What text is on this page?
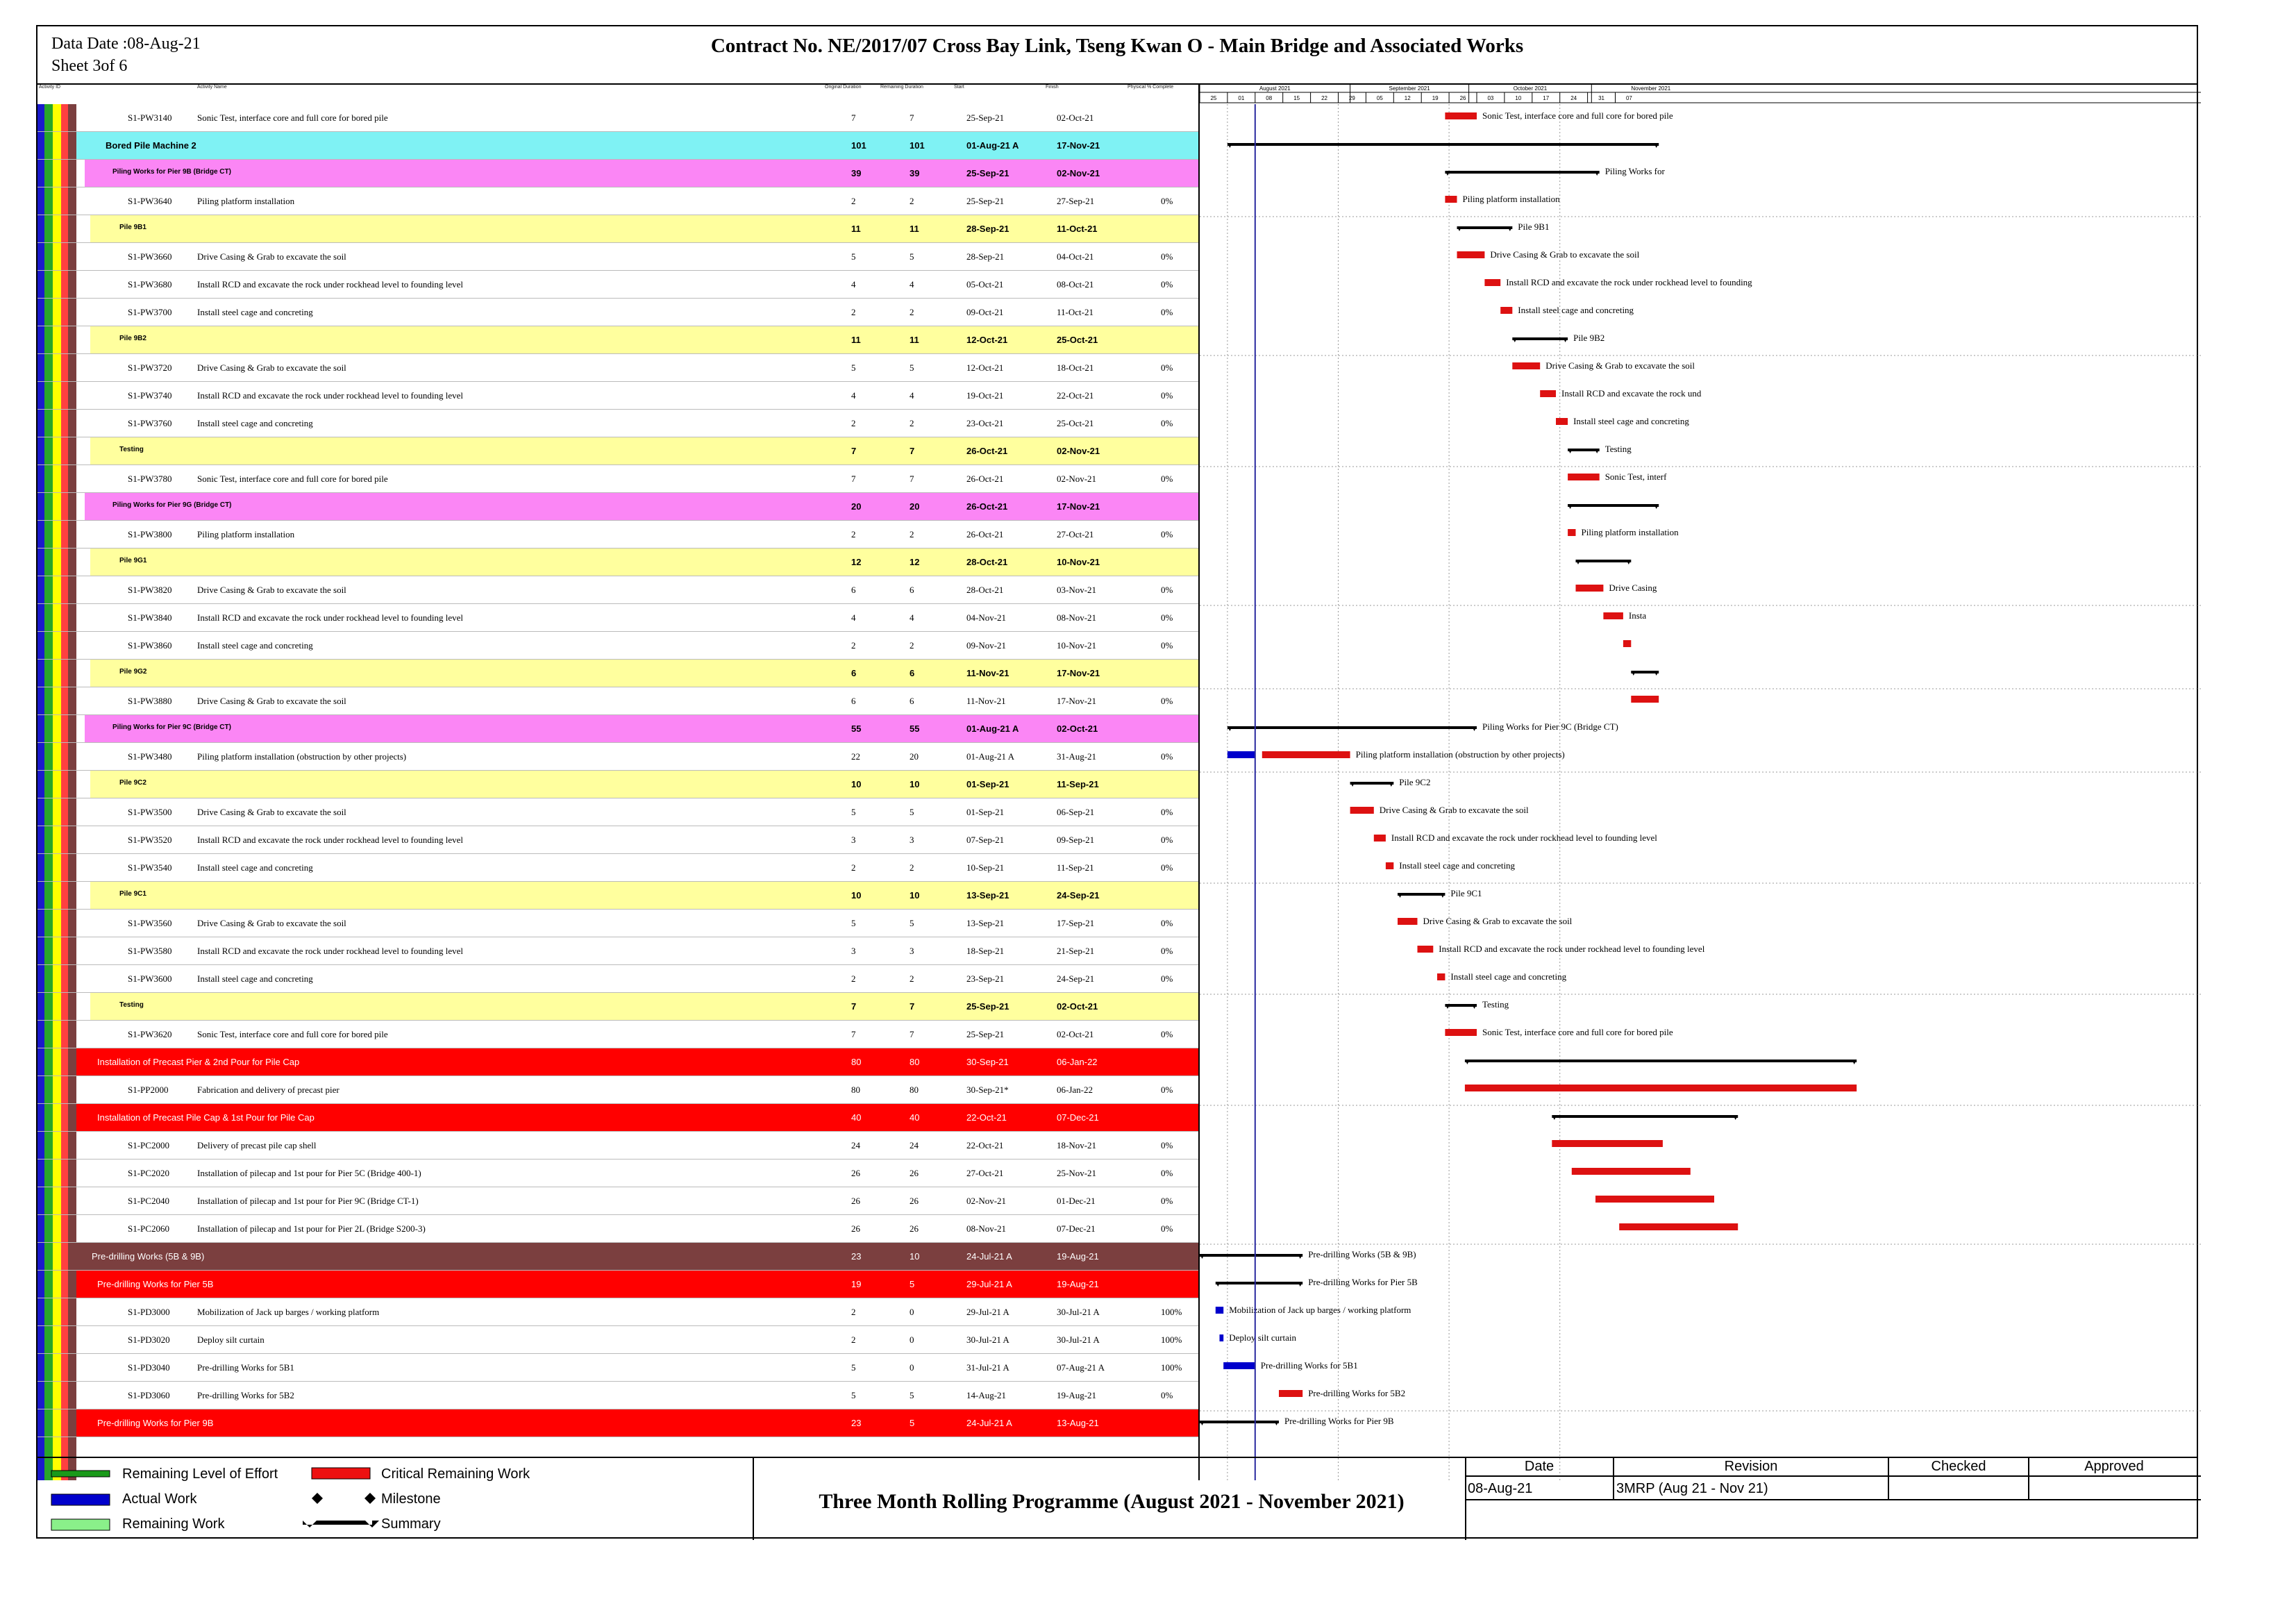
Data Date :08-Aug-21
Sheet 3of 6
Contract No. NE/2017/07 Cross Bay Link, Tseng Kwan O - Main Bridge and Associated Works
Activity ID	Activity Name	Original Duration	Remaining Duration	Start	Finish	Physical % Complete
S1-PW3140	Sonic Test, interface core and full core for bored pile	7	7	25-Sep-21	02-Oct-21
Bored Pile Machine 2	101	101	01-Aug-21 A	17-Nov-21
Piling Works for Pier 9B (Bridge CT)	39	39	25-Sep-21	02-Nov-21
S1-PW3640	Piling platform installation	2	2	25-Sep-21	27-Sep-21	0%
Pile 9B1	11	11	28-Sep-21	11-Oct-21
S1-PW3660	Drive Casing & Grab to excavate the soil	5	5	28-Sep-21	04-Oct-21	0%
S1-PW3680	Install RCD and excavate the rock under rockhead level to founding level	4	4	05-Oct-21	08-Oct-21	0%
S1-PW3700	Install steel cage and concreting	2	2	09-Oct-21	11-Oct-21	0%
Pile 9B2	11	11	12-Oct-21	25-Oct-21
S1-PW3720	Drive Casing & Grab to excavate the soil	5	5	12-Oct-21	18-Oct-21	0%
S1-PW3740	Install RCD and excavate the rock under rockhead level to founding level	4	4	19-Oct-21	22-Oct-21	0%
S1-PW3760	Install steel cage and concreting	2	2	23-Oct-21	25-Oct-21	0%
Testing	7	7	26-Oct-21	02-Nov-21
S1-PW3780	Sonic Test, interface core and full core for bored pile	7	7	26-Oct-21	02-Nov-21	0%
Piling Works for Pier 9G (Bridge CT)	20	20	26-Oct-21	17-Nov-21
S1-PW3800	Piling platform installation	2	2	26-Oct-21	27-Oct-21	0%
Pile 9G1	12	12	28-Oct-21	10-Nov-21
S1-PW3820	Drive Casing & Grab to excavate the soil	6	6	28-Oct-21	03-Nov-21	0%
S1-PW3840	Install RCD and excavate the rock under rockhead level to founding level	4	4	04-Nov-21	08-Nov-21	0%
S1-PW3860	Install steel cage and concreting	2	2	09-Nov-21	10-Nov-21	0%
Pile 9G2	6	6	11-Nov-21	17-Nov-21
S1-PW3880	Drive Casing & Grab to excavate the soil	6	6	11-Nov-21	17-Nov-21	0%
Piling Works for Pier 9C (Bridge CT)	55	55	01-Aug-21 A	02-Oct-21
S1-PW3480	Piling platform installation (obstruction by other projects)	22	20	01-Aug-21 A	31-Aug-21	0%
Pile 9C2	10	10	01-Sep-21	11-Sep-21
S1-PW3500	Drive Casing & Grab to excavate the soil	5	5	01-Sep-21	06-Sep-21	0%
S1-PW3520	Install RCD and excavate the rock under rockhead level to founding level	3	3	07-Sep-21	09-Sep-21	0%
S1-PW3540	Install steel cage and concreting	2	2	10-Sep-21	11-Sep-21	0%
Pile 9C1	10	10	13-Sep-21	24-Sep-21
S1-PW3560	Drive Casing & Grab to excavate the soil	5	5	13-Sep-21	17-Sep-21	0%
S1-PW3580	Install RCD and excavate the rock under rockhead level to founding level	3	3	18-Sep-21	21-Sep-21	0%
S1-PW3600	Install steel cage and concreting	2	2	23-Sep-21	24-Sep-21	0%
Testing	7	7	25-Sep-21	02-Oct-21
S1-PW3620	Sonic Test, interface core and full core for bored pile	7	7	25-Sep-21	02-Oct-21	0%
Installation of Precast Pier & 2nd Pour for Pile Cap	80	80	30-Sep-21	06-Jan-22
S1-PP2000	Fabrication and delivery of precast pier	80	80	30-Sep-21*	06-Jan-22	0%
Installation of Precast Pile Cap & 1st Pour for Pile Cap	40	40	22-Oct-21	07-Dec-21
S1-PC2000	Delivery of precast pile cap shell	24	24	22-Oct-21	18-Nov-21	0%
S1-PC2020	Installation of pilecap and 1st pour for Pier 5C (Bridge 400-1)	26	26	27-Oct-21	25-Nov-21	0%
S1-PC2040	Installation of pilecap and 1st pour for Pier 9C (Bridge CT-1)	26	26	02-Nov-21	01-Dec-21	0%
S1-PC2060	Installation of pilecap and 1st pour for Pier 2L (Bridge S200-3)	26	26	08-Nov-21	07-Dec-21	0%
Pre-drilling Works (5B & 9B)	23	10	24-Jul-21 A	19-Aug-21
Pre-drilling Works for Pier 5B	19	5	29-Jul-21 A	19-Aug-21
S1-PD3000	Mobilization of Jack up barges / working platform	2	0	29-Jul-21 A	30-Jul-21 A	100%
S1-PD3020	Deploy silt curtain	2	0	30-Jul-21 A	30-Jul-21 A	100%
S1-PD3040	Pre-drilling Works for 5B1	5	0	31-Jul-21 A	07-Aug-21 A	100%
S1-PD3060	Pre-drilling Works for 5B2	5	5	14-Aug-21	19-Aug-21	0%
Pre-drilling Works for Pier 9B	23	5	24-Jul-21 A	13-Aug-21
August 2021	September 2021	October 2021	November 2021
25	01	08	15	22	29	05	12	19	26	03	10	17	24	31	07
Sonic Test, interface core and full core for bored pile
Piling Works for
Piling platform installation
Pile 9B1
Drive Casing & Grab to excavate the soil
Install RCD and excavate the rock under rockhead level to founding
Install steel cage and concreting
Pile 9B2
Drive Casing & Grab to excavate the soil
Install RCD and excavate the rock und
Install steel cage and concreting
Testing
Sonic Test, interf
Piling platform installation
Drive Casing
Insta
Piling Works for Pier 9C (Bridge CT)
Piling platform installation (obstruction by other projects)
Pile 9C2
Drive Casing & Grab to excavate the soil
Install RCD and excavate the rock under rockhead level to founding level
Install steel cage and concreting
Pile 9C1
Drive Casing & Grab to excavate the soil
Install RCD and excavate the rock under rockhead level to founding level
Install steel cage and concreting
Testing
Sonic Test, interface core and full core for bored pile
Pre-drilling Works (5B & 9B)
Pre-drilling Works for Pier 5B
Mobilization of Jack up barges / working platform
Deploy silt curtain
Pre-drilling Works for 5B1
Pre-drilling Works for 5B2
Pre-drilling Works for Pier 9B
Remaining Level of Effort	Critical Remaining Work
Actual Work	Milestone
Remaining Work	Summary
Three Month Rolling Programme (August 2021 - November 2021)
Date	Revision	Checked	Approved
08-Aug-21	3MRP (Aug 21 - Nov 21)
